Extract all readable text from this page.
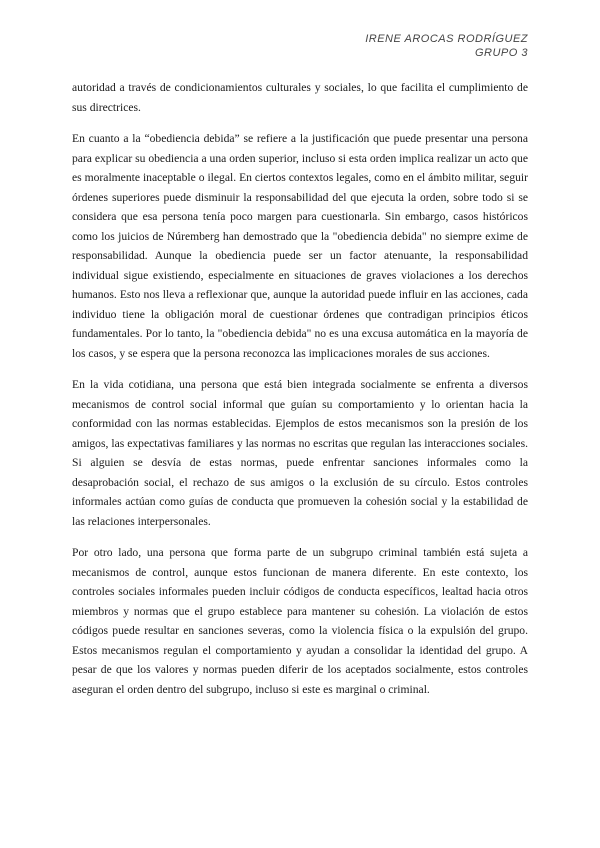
IRENE AROCAS RODRÍGUEZ
GRUPO 3

autoridad a través de condicionamientos culturales y sociales, lo que facilita el cumplimiento de sus directrices.

En cuanto a la “obediencia debida” se refiere a la justificación que puede presentar una persona para explicar su obediencia a una orden superior, incluso si esta orden implica realizar un acto que es moralmente inaceptable o ilegal. En ciertos contextos legales, como en el ámbito militar, seguir órdenes superiores puede disminuir la responsabilidad del que ejecuta la orden, sobre todo si se considera que esa persona tenía poco margen para cuestionarla. Sin embargo, casos históricos como los juicios de Núremberg han demostrado que la "obediencia debida" no siempre exime de responsabilidad. Aunque la obediencia puede ser un factor atenuante, la responsabilidad individual sigue existiendo, especialmente en situaciones de graves violaciones a los derechos humanos. Esto nos lleva a reflexionar que, aunque la autoridad puede influir en las acciones, cada individuo tiene la obligación moral de cuestionar órdenes que contradigan principios éticos fundamentales. Por lo tanto, la "obediencia debida" no es una excusa automática en la mayoría de los casos, y se espera que la persona reconozca las implicaciones morales de sus acciones.

En la vida cotidiana, una persona que está bien integrada socialmente se enfrenta a diversos mecanismos de control social informal que guían su comportamiento y lo orientan hacia la conformidad con las normas establecidas. Ejemplos de estos mecanismos son la presión de los amigos, las expectativas familiares y las normas no escritas que regulan las interacciones sociales. Si alguien se desvía de estas normas, puede enfrentar sanciones informales como la desaprobación social, el rechazo de sus amigos o la exclusión de su círculo. Estos controles informales actúan como guías de conducta que promueven la cohesión social y la estabilidad de las relaciones interpersonales.

Por otro lado, una persona que forma parte de un subgrupo criminal también está sujeta a mecanismos de control, aunque estos funcionan de manera diferente. En este contexto, los controles sociales informales pueden incluir códigos de conducta específicos, lealtad hacia otros miembros y normas que el grupo establece para mantener su cohesión. La violación de estos códigos puede resultar en sanciones severas, como la violencia física o la expulsión del grupo. Estos mecanismos regulan el comportamiento y ayudan a consolidar la identidad del grupo. A pesar de que los valores y normas pueden diferir de los aceptados socialmente, estos controles aseguran el orden dentro del subgrupo, incluso si este es marginal o criminal.
